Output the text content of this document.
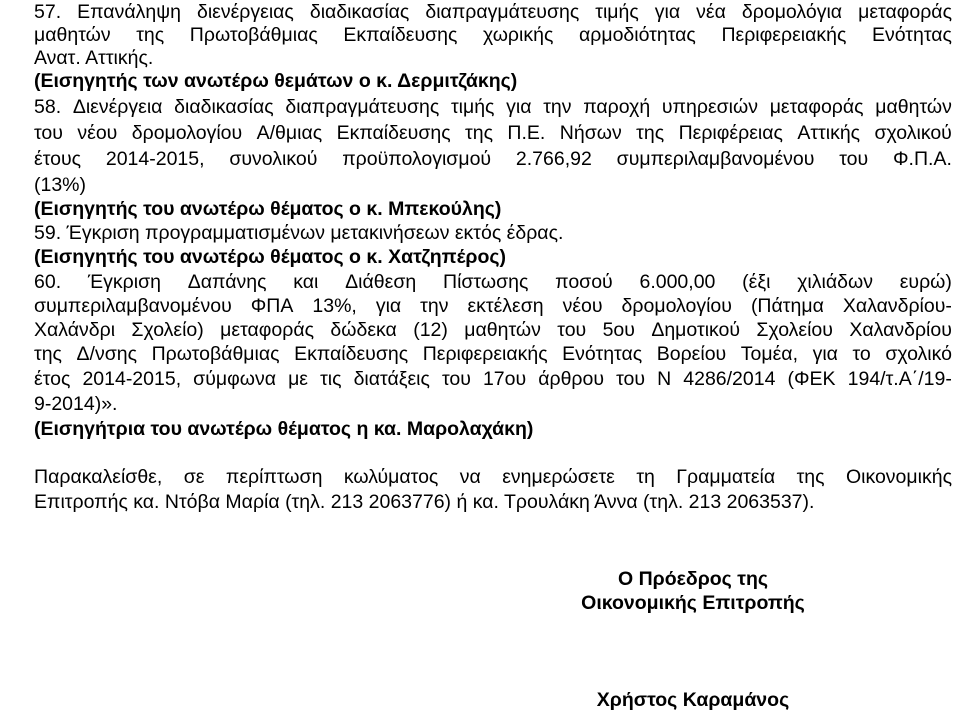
57. Επανάληψη διενέργειας διαδικασίας διαπραγμάτευσης τιμής για νέα δρομολόγια μεταφοράς
μαθητών της Πρωτοβάθμιας Εκπαίδευσης χωρικής αρμοδιότητας Περιφερειακής Ενότητας
Ανατ. Αττικής.
(Εισηγητής των ανωτέρω θεμάτων ο κ. Δερμιτζάκης)
58. Διενέργεια διαδικασίας διαπραγμάτευσης τιμής για την παροχή υπηρεσιών μεταφοράς μαθητών
του νέου δρομολογίου Α/θμιας Εκπαίδευσης της Π.Ε. Νήσων της Περιφέρειας Αττικής σχολικού
έτους 2014-2015, συνολικού προϋπολογισμού 2.766,92 συμπεριλαμβανομένου του Φ.Π.Α.
(13%)
(Εισηγητής του ανωτέρω θέματος ο κ. Μπεκούλης)
59. Έγκριση προγραμματισμένων μετακινήσεων εκτός έδρας.
(Εισηγητής του ανωτέρω θέματος ο κ. Χατζηπέρος)
60. Έγκριση Δαπάνης και Διάθεση Πίστωσης ποσού 6.000,00 (έξι χιλιάδων ευρώ)
συμπεριλαμβανομένου ΦΠΑ 13%, για την εκτέλεση νέου δρομολογίου (Πάτημα Χαλανδρίου-
Χαλάνδρι Σχολείο) μεταφοράς δώδεκα (12) μαθητών του 5ου Δημοτικού Σχολείου Χαλανδρίου
της Δ/νσης Πρωτοβάθμιας Εκπαίδευσης Περιφερειακής Ενότητας Βορείου Τομέα, για το σχολικό
έτος 2014-2015, σύμφωνα με τις διατάξεις του 17ου άρθρου του Ν 4286/2014 (ΦΕΚ 194/τ.Α΄/19-
9-2014)».
(Εισηγήτρια του ανωτέρω θέματος η κα. Μαρολαχάκη)
Παρακαλείσθε, σε περίπτωση κωλύματος να ενημερώσετε τη Γραμματεία της Οικονομικής
Επιτροπής κα. Ντόβα Μαρία (τηλ. 213 2063776) ή κα. Τρουλάκη Άννα (τηλ. 213 2063537).
Ο Πρόεδρος της
Οικονομικής Επιτροπής
Χρήστος Καραμάνος
